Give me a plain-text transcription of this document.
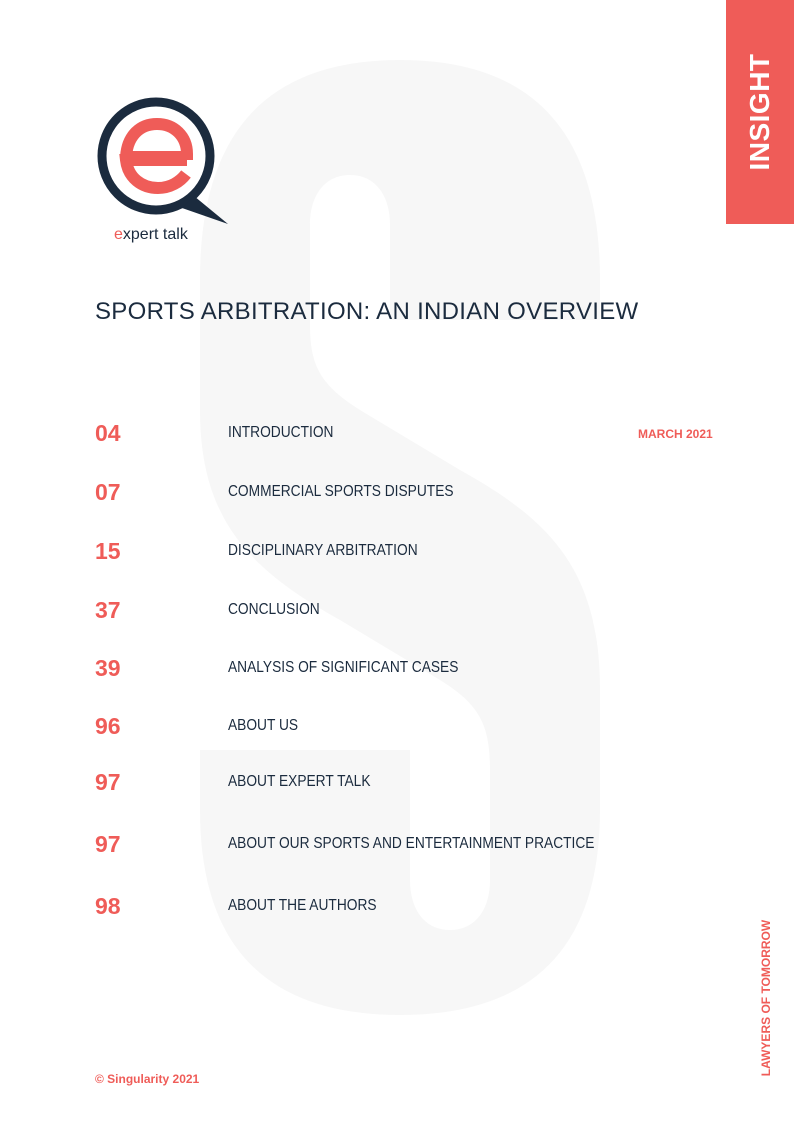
INSIGHT
expert talk
SPORTS ARBITRATION: AN INDIAN OVERVIEW
MARCH 2021
04	INTRODUCTION
07	COMMERCIAL SPORTS DISPUTES
15	DISCIPLINARY ARBITRATION
37	CONCLUSION
39	ANALYSIS OF SIGNIFICANT CASES
96	ABOUT US
97	ABOUT EXPERT TALK
97	ABOUT OUR SPORTS AND ENTERTAINMENT PRACTICE
98	ABOUT THE AUTHORS
LAWYERS OF TOMORROW
© Singularity 2021
